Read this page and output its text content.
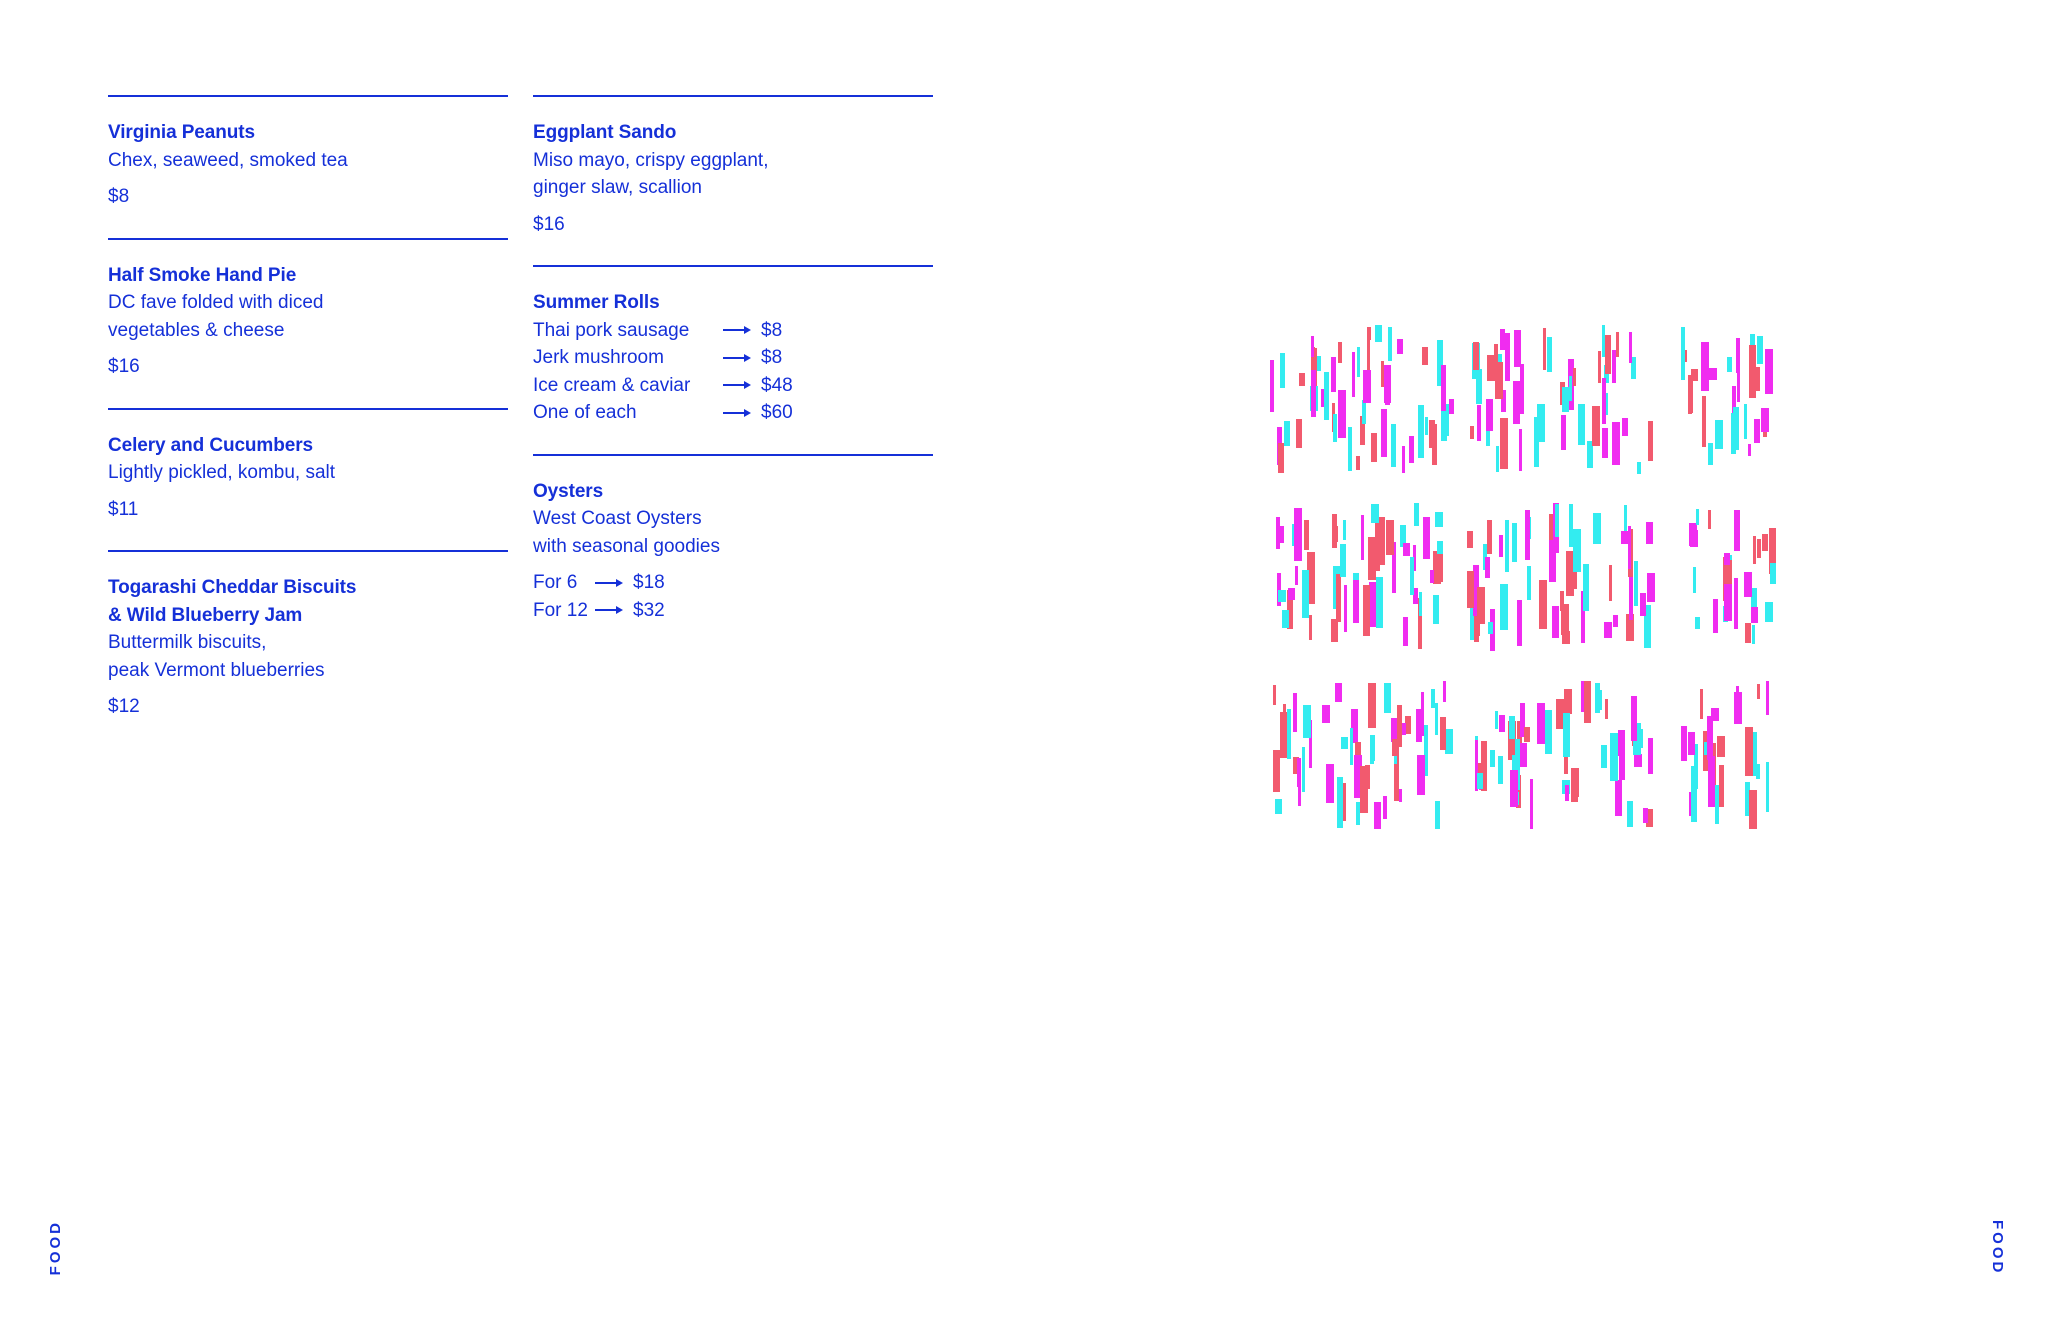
Virginia Peanuts

Chex, seaweed, smoked tea

$8

Half Smoke Hand Pie

DC fave folded with diced

vegetables & cheese

$16

Celery and Cucumbers

Lightly pickled, kombu, salt

$11

Togarashi Cheddar Biscuits

& Wild Blueberry Jam

Buttermilk biscuits,

peak Vermont blueberries

$12

Eggplant Sando

Miso mayo, crispy eggplant,

ginger slaw, scallion

$16

Summer Rolls

Thai pork sausage	$8
Jerk mushroom	$8
Ice cream & caviar	$48
One of each	$60

Oysters

West Coast Oysters

with seasonal goodies

For 6	$18
For 12 $32
FOOD	FOOD
